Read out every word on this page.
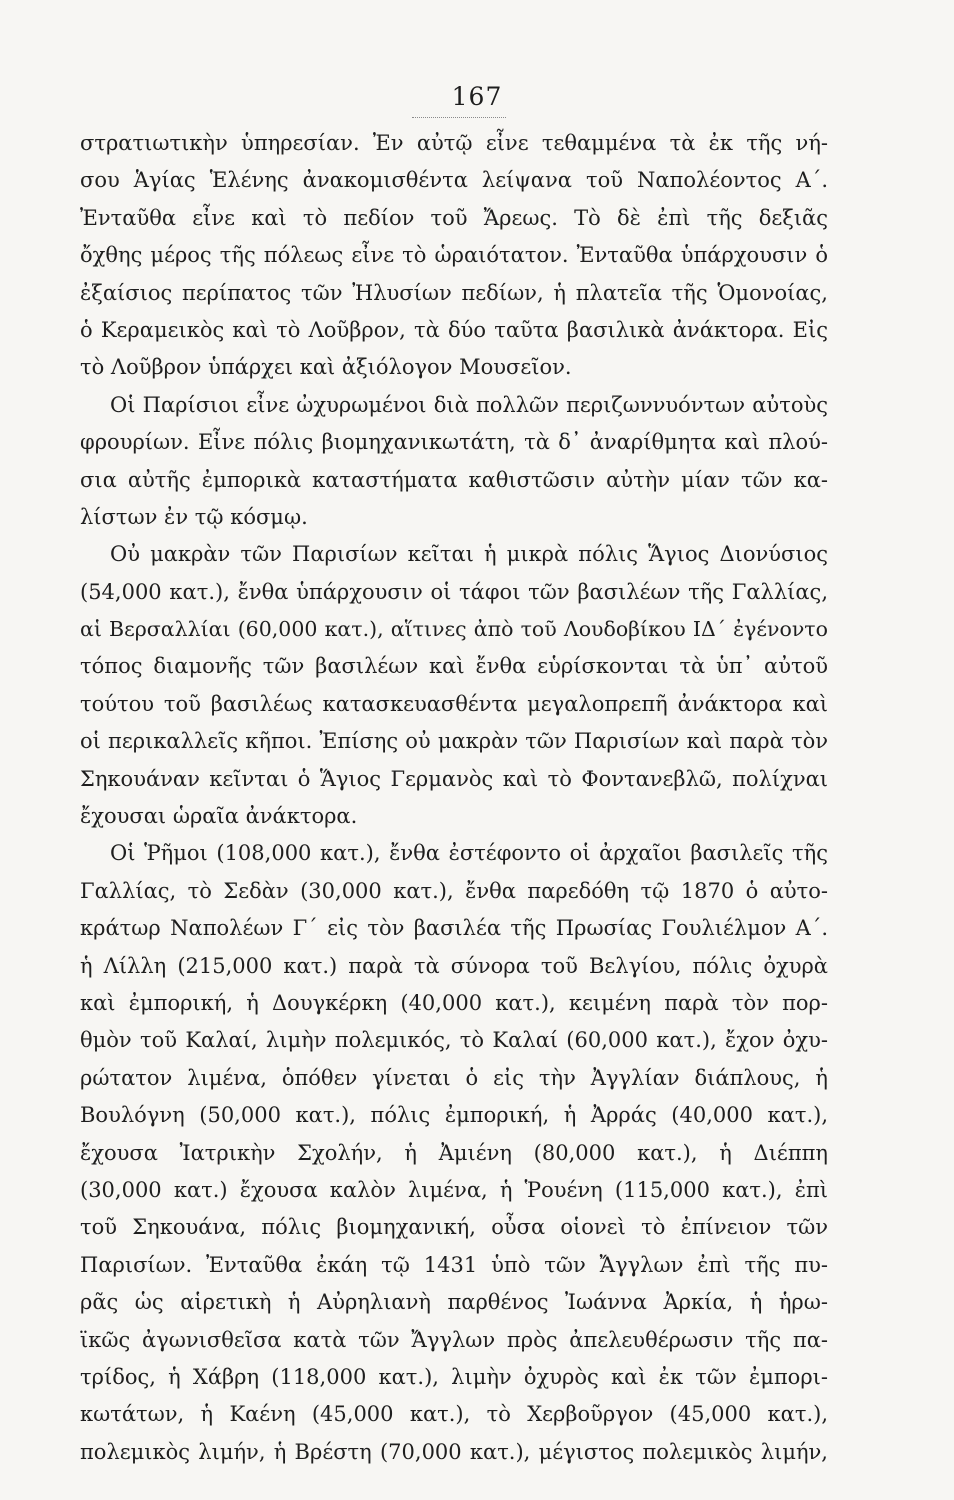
167
στρατιωτικὴν ὑπηρεσίαν. Ἐν αὐτῷ εἶνε τεθαμμένα τὰ ἐκ τῆς νή-
σου Ἁγίας Ἑλένης ἀνακομισθέντα λείψανα τοῦ Ναπολέοντος Α΄.
Ἐνταῦθα εἶνε καὶ τὸ πεδίον τοῦ Ἄρεως. Τὸ δὲ ἐπὶ τῆς δεξιᾶς
ὄχθης μέρος τῆς πόλεως εἶνε τὸ ὡραιότατον. Ἐνταῦθα ὑπάρχουσιν ὁ
ἐξαίσιος περίπατος τῶν Ἠλυσίων πεδίων, ἡ πλατεῖα τῆς Ὁμονοίας,
ὁ Κεραμεικὸς καὶ τὸ Λοῦβρον, τὰ δύο ταῦτα βασιλικὰ ἀνάκτορα. Εἰς
τὸ Λοῦβρον ὑπάρχει καὶ ἀξιόλογον Μουσεῖον.
Οἱ Παρίσιοι εἶνε ὠχυρωμένοι διὰ πολλῶν περιζωννυόντων αὐτοὺς
φρουρίων. Εἶνε πόλις βιομηχανικωτάτη, τὰ δ᾽ ἀναρίθμητα καὶ πλού-
σια αὐτῆς ἐμπορικὰ καταστήματα καθιστῶσιν αὐτὴν μίαν τῶν κα-
λίστων ἐν τῷ κόσμῳ.
Οὐ μακρὰν τῶν Παρισίων κεῖται ἡ μικρὰ πόλις Ἅγιος Διονύσιος
(54,000 κατ.), ἔνθα ὑπάρχουσιν οἱ τάφοι τῶν βασιλέων τῆς Γαλλίας,
αἱ Βερσαλλίαι (60,000 κατ.), αἵτινες ἀπὸ τοῦ Λουδοβίκου ΙΔ΄ ἐγένοντο
τόπος διαμονῆς τῶν βασιλέων καὶ ἔνθα εὑρίσκονται τὰ ὑπ᾽ αὐτοῦ
τούτου τοῦ βασιλέως κατασκευασθέντα μεγαλοπρεπῆ ἀνάκτορα καὶ
οἱ περικαλλεῖς κῆποι. Ἐπίσης οὐ μακρὰν τῶν Παρισίων καὶ παρὰ τὸν
Σηκουάναν κεῖνται ὁ Ἅγιος Γερμανὸς καὶ τὸ Φοντανεβλῶ, πολίχναι
ἔχουσαι ὡραῖα ἀνάκτορα.
Οἱ Ῥῆμοι (108,000 κατ.), ἔνθα ἐστέφοντο οἱ ἀρχαῖοι βασιλεῖς τῆς
Γαλλίας, τὸ Σεδὰν (30,000 κατ.), ἔνθα παρεδόθη τῷ 1870 ὁ αὐτο-
κράτωρ Ναπολέων Γ΄ εἰς τὸν βασιλέα τῆς Πρωσίας Γουλιέλμον Α΄.
ἡ Λίλλη (215,000 κατ.) παρὰ τὰ σύνορα τοῦ Βελγίου, πόλις ὀχυρὰ
καὶ ἐμπορική, ἡ Δουγκέρκη (40,000 κατ.), κειμένη παρὰ τὸν πορ-
θμὸν τοῦ Καλαί, λιμὴν πολεμικός, τὸ Καλαί (60,000 κατ.), ἔχον ὀχυ-
ρώτατον λιμένα, ὁπόθεν γίνεται ὁ εἰς τὴν Ἀγγλίαν διάπλους, ἡ
Βουλόγνη (50,000 κατ.), πόλις ἐμπορική, ἡ Ἀρράς (40,000 κατ.),
ἔχουσα Ἰατρικὴν Σχολήν, ἡ Ἀμιένη (80,000 κατ.), ἡ Διέππη
(30,000 κατ.) ἔχουσα καλὸν λιμένα, ἡ Ῥουένη (115,000 κατ.), ἐπὶ
τοῦ Σηκουάνα, πόλις βιομηχανική, οὖσα οἱονεὶ τὸ ἐπίνειον τῶν
Παρισίων. Ἐνταῦθα ἐκάη τῷ 1431 ὑπὸ τῶν Ἄγγλων ἐπὶ τῆς πυ-
ρᾶς ὡς αἱρετικὴ ἡ Αὐρηλιανὴ παρθένος Ἰωάννα Ἀρκία, ἡ ἡρω-
ϊκῶς ἀγωνισθεῖσα κατὰ τῶν Ἄγγλων πρὸς ἀπελευθέρωσιν τῆς πα-
τρίδος, ἡ Χάβρη (118,000 κατ.), λιμὴν ὀχυρὸς καὶ ἐκ τῶν ἐμπορι-
κωτάτων, ἡ Καένη (45,000 κατ.), τὸ Χερβοῦργον (45,000 κατ.),
πολεμικὸς λιμήν, ἡ Βρέστη (70,000 κατ.), μέγιστος πολεμικὸς λιμήν,
